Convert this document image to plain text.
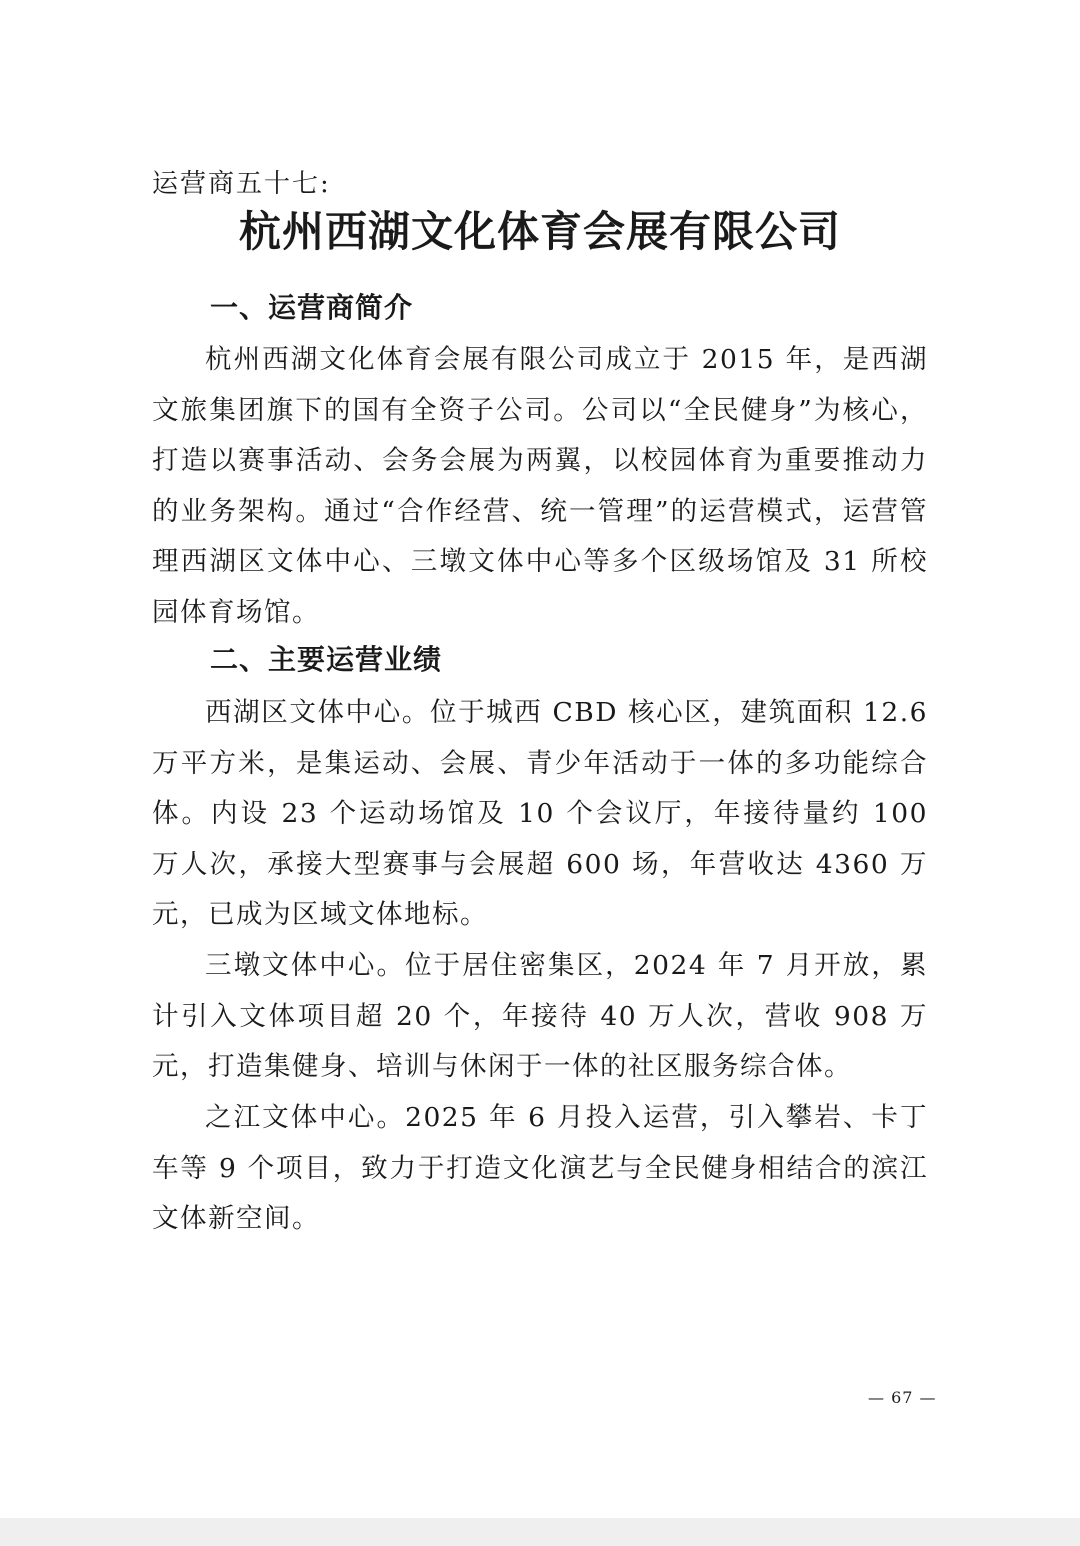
运营商五十七:
杭州西湖文化体育会展有限公司
一、运营商简介

杭州西湖文化体育会展有限公司成立于 2015 年，是西湖文旅集团旗下的国有全资子公司。公司以“全民健身”为核心，打造以赛事活动、会务会展为两翼，以校园体育为重要推动力的业务架构。通过“合作经营、统一管理”的运营模式，运营管理西湖区文体中心、三墩文体中心等多个区级场馆及 31 所校园体育场馆。

二、主要运营业绩

西湖区文体中心。位于城西 CBD 核心区，建筑面积 12.6 万平方米，是集运动、会展、青少年活动于一体的多功能综合体。内设 23 个运动场馆及 10 个会议厅，年接待量约 100 万人次，承接大型赛事与会展超 600 场，年营收达 4360 万元，已成为区域文体地标。

三墩文体中心。位于居住密集区，2024 年 7 月开放，累计引入文体项目超 20 个，年接待 40 万人次，营收 908 万元，打造集健身、培训与休闲于一体的社区服务综合体。

之江文体中心。2025 年 6 月投入运营，引入攀岩、卡丁车等 9 个项目，致力于打造文化演艺与全民健身相结合的滨江文体新空间。

— 67 —
